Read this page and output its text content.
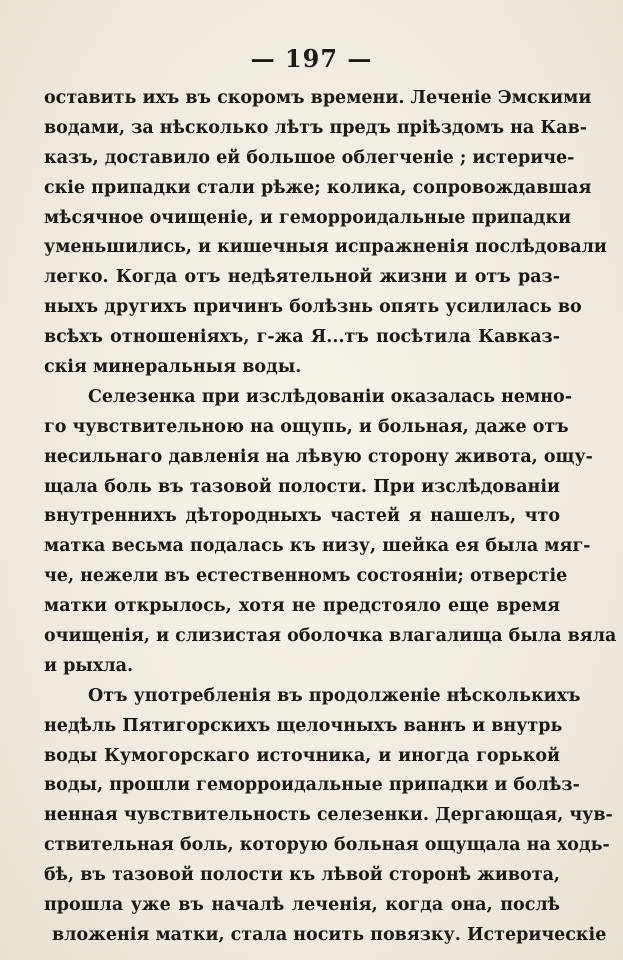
— 197 —
оставить ихъ въ скоромъ времени. Леченіе Эмскими
водами, за нѣсколько лѣтъ предъ пріѣздомъ на Кав-
казъ, доставило ей большое облегченіе ; истериче-
скіе припадки стали рѣже; колика, сопровождавшая
мѣсячное очищеніе, и геморроидальные припадки
уменьшились, и кишечныя испражненія послѣдовали
легко. Когда отъ недѣятельной жизни и отъ раз-
ныхъ другихъ причинъ болѣзнь опять усилилась во
всѣхъ отношеніяхъ, г-жа Я...тъ посѣтила Кавказ-
скія минеральныя воды.
Селезенка при изслѣдованіи оказалась немно-
го чувствительною на ощупь, и больная, даже отъ
несильнаго давленія на лѣвую сторону живота, ощу-
щала боль въ тазовой полости. При изслѣдованіи
внутреннихъ дѣтородныхъ частей я нашелъ, что
матка весьма подалась къ низу, шейка ея была мяг-
че, нежели въ естественномъ состояніи; отверстіе
матки открылось, хотя не предстояло еще время
очищенія, и слизистая оболочка влагалища была вяла
и рыхла.
Отъ употребленія въ продолженіе нѣсколькихъ
недѣль Пятигорскихъ щелочныхъ ваннъ и внутрь
воды Кумогорскаго источника, и иногда горькой
воды, прошли геморроидальные припадки и болѣз-
ненная чувствительность селезенки. Дергающая, чув-
ствительная боль, которую больная ощущала на ходь-
бѣ, въ тазовой полости къ лѣвой сторонѣ живота,
прошла уже въ началѣ леченія, когда она, послѣ
вложенія матки, стала носить повязку. Истерическіе
